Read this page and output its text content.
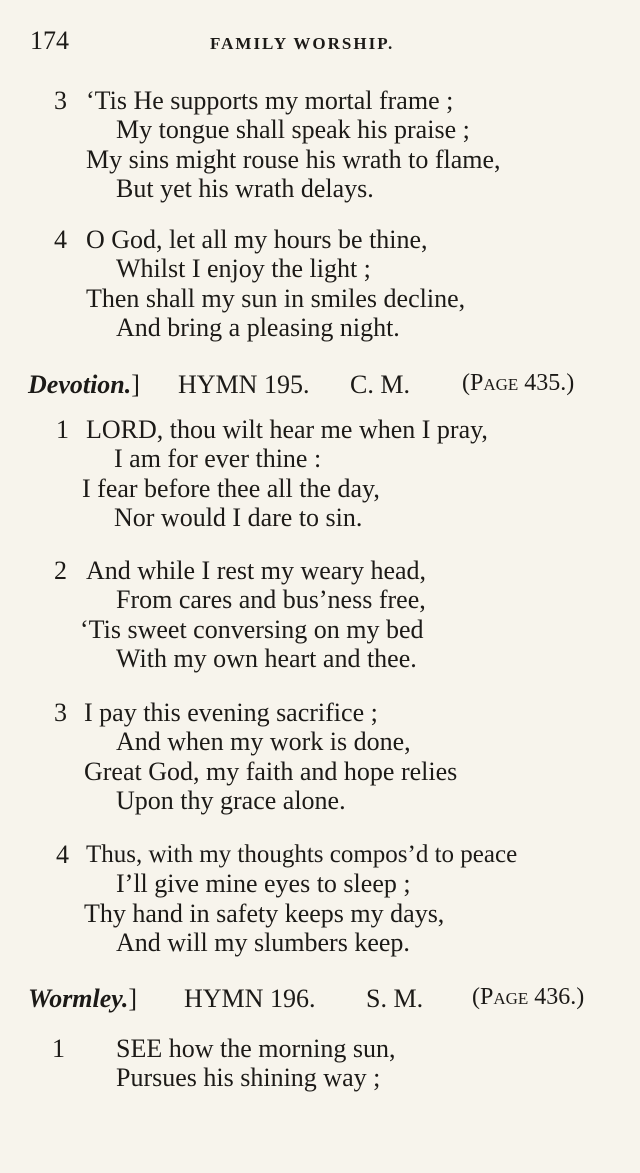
174	FAMILY WORSHIP.
3 ‘Tis He supports my mortal frame ;
My tongue shall speak his praise ;
My sins might rouse his wrath to flame,
But yet his wrath delays.
4 O God, let all my hours be thine,
Whilst I enjoy the light ;
Then shall my sun in smiles decline,
And bring a pleasing night.
Devotion.] HYMN 195. C. M. (Page 435.)
1 LORD, thou wilt hear me when I pray,
I am for ever thine :
I fear before thee all the day,
Nor would I dare to sin.
2 And while I rest my weary head,
From cares and bus’ness free,
‘Tis sweet conversing on my bed
With my own heart and thee.
3 I pay this evening sacrifice ;
And when my work is done,
Great God, my faith and hope relies
Upon thy grace alone.
4 Thus, with my thoughts compos’d to peace
I’ll give mine eyes to sleep ;
Thy hand in safety keeps my days,
And will my slumbers keep.
Wormley.] HYMN 196. S. M. (Page 436.)
1 SEE how the morning sun,
Pursues his shining way ;
